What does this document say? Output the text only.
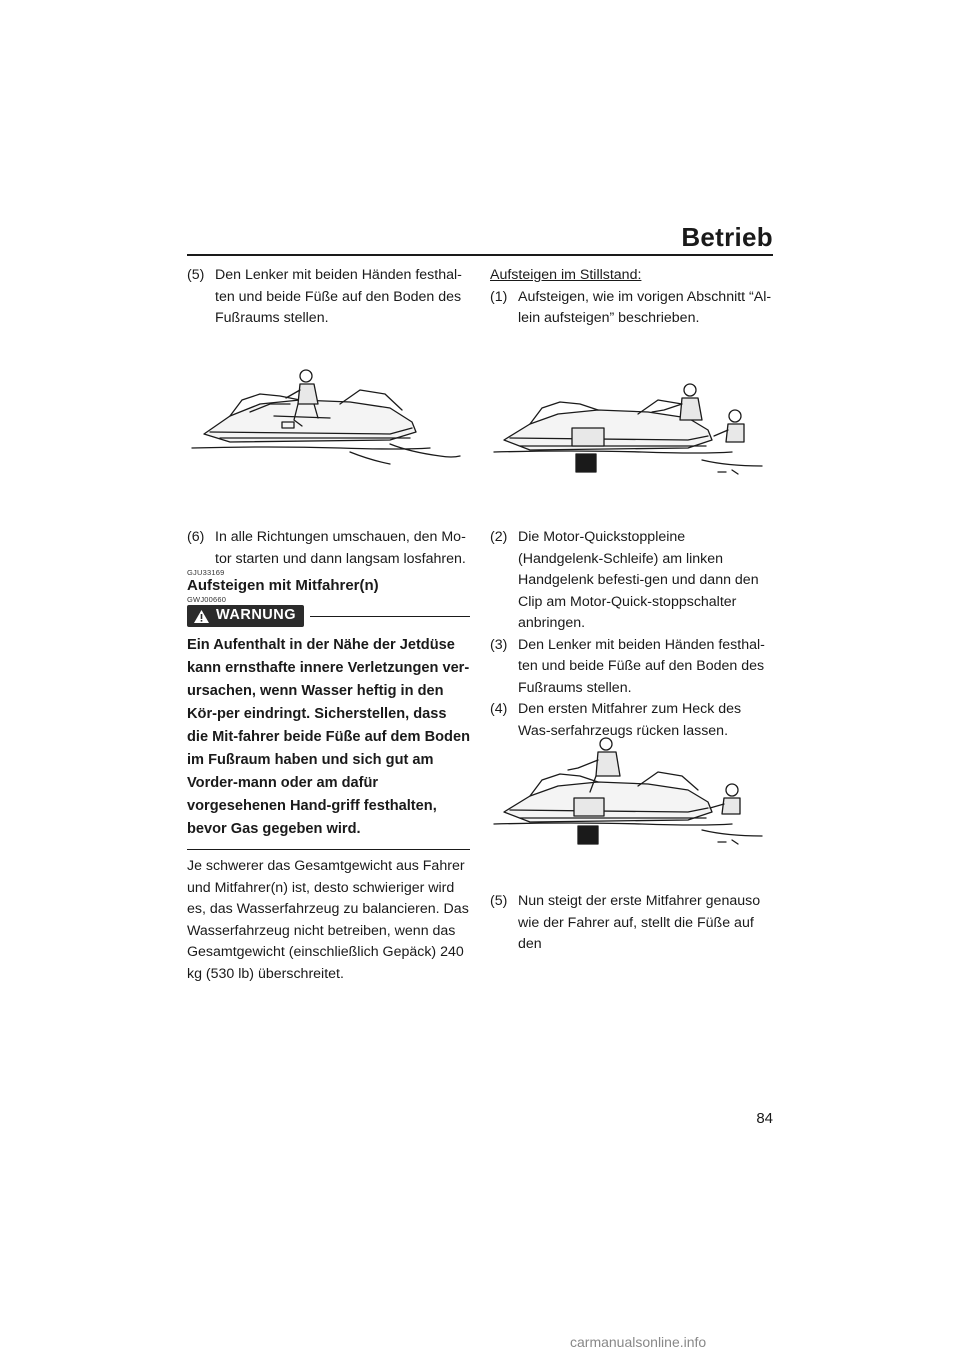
Betrieb
(5) Den Lenker mit beiden Händen festhal-ten und beide Füße auf den Boden des Fußraums stellen.
(6) In alle Richtungen umschauen, den Mo-tor starten und dann langsam losfahren.
GJU33169
Aufsteigen mit Mitfahrer(n)
GWJ00660
WARNUNG
Ein Aufenthalt in der Nähe der Jetdüse kann ernsthafte innere Verletzungen ver-ursachen, wenn Wasser heftig in den Kör-per eindringt. Sicherstellen, dass die Mit-fahrer beide Füße auf dem Boden im Fußraum haben und sich gut am Vorder-mann oder am dafür vorgesehenen Hand-griff festhalten, bevor Gas gegeben wird.
Je schwerer das Gesamtgewicht aus Fahrer und Mitfahrer(n) ist, desto schwieriger wird es, das Wasserfahrzeug zu balancieren. Das Wasserfahrzeug nicht betreiben, wenn das Gesamtgewicht (einschließlich Gepäck) 240 kg (530 lb) überschreitet.
Aufsteigen im Stillstand:
(1) Aufsteigen, wie im vorigen Abschnitt “Al-lein aufsteigen” beschrieben.
(2) Die Motor-Quickstoppleine (Handgelenk-Schleife) am linken Handgelenk befesti-gen und dann den Clip am Motor-Quick-stoppschalter anbringen.
(3) Den Lenker mit beiden Händen festhal-ten und beide Füße auf den Boden des Fußraums stellen.
(4) Den ersten Mitfahrer zum Heck des Was-serfahrzeugs rücken lassen.
(5) Nun steigt der erste Mitfahrer genauso wie der Fahrer auf, stellt die Füße auf den
84
carmanualsonline.info
